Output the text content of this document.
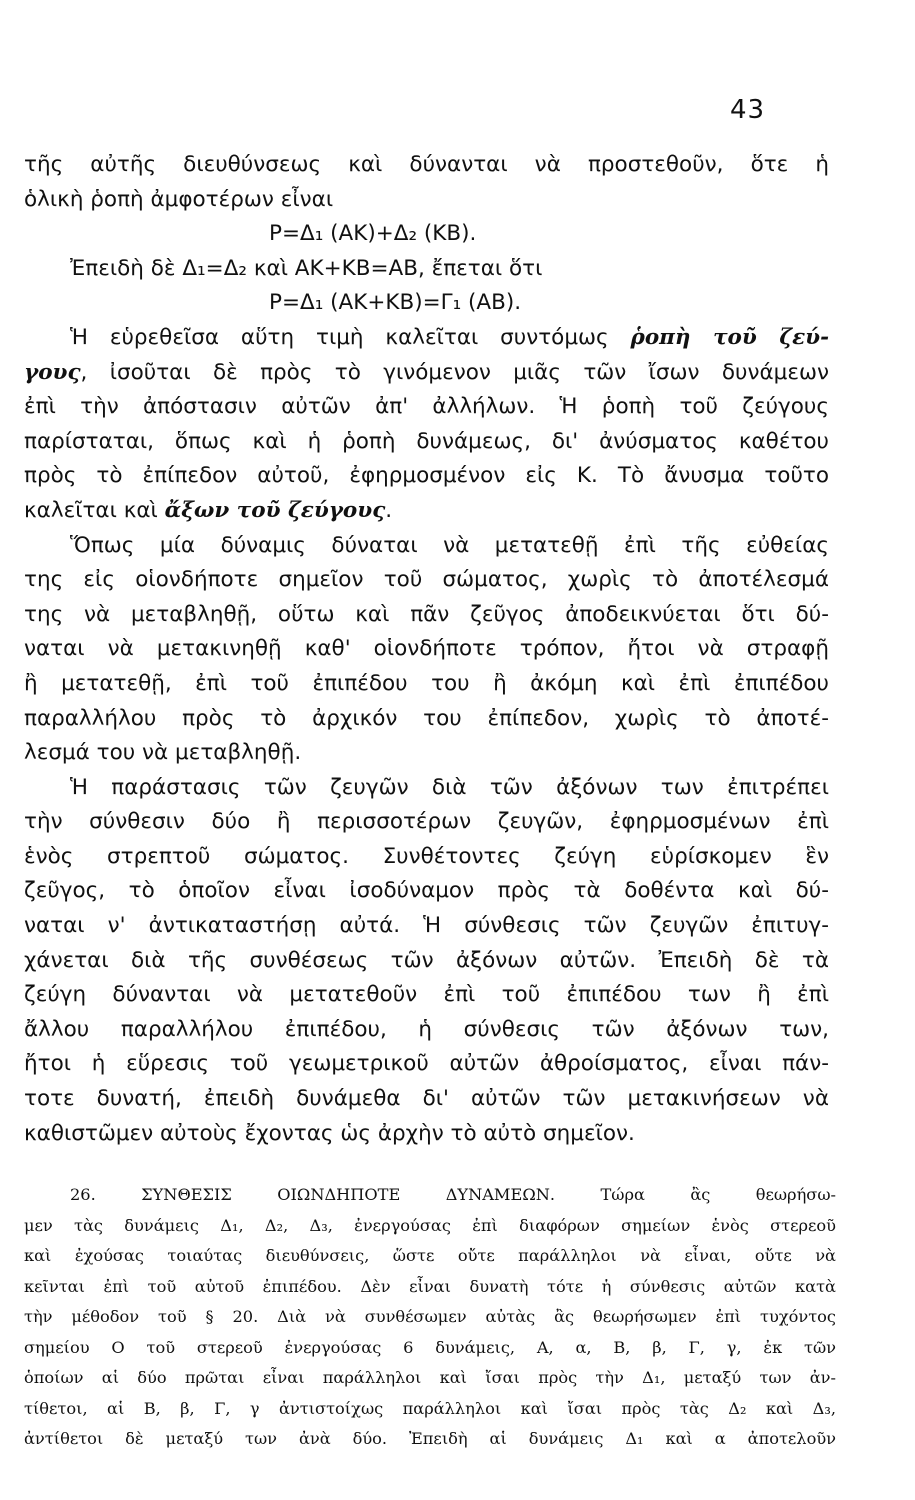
43
τῆς αὐτῆς διευθύνσεως καὶ δύνανται νὰ προστεθοῦν, ὅτε ἡ
ὁλικὴ ῥοπὴ ἀμφοτέρων εἶναι
P=Δ₁ (AK)+Δ₂ (KB).
Ἐπειδὴ δὲ Δ₁=Δ₂ καὶ AK+KB=AB, ἔπεται ὅτι
P=Δ₁ (AK+KB)=Γ₁ (AB).
Ἡ εὑρεθεῖσα αὕτη τιμὴ καλεῖται συντόμως ῥοπὴ τοῦ ζεύ-
γους, ἰσοῦται δὲ πρὸς τὸ γινόμενον μιᾶς τῶν ἴσων δυνάμεων
ἐπὶ τὴν ἀπόστασιν αὐτῶν ἀπ' ἀλλήλων. Ἡ ῥοπὴ τοῦ ζεύγους
παρίσταται, ὅπως καὶ ἡ ῥοπὴ δυνάμεως, δι' ἀνύσματος καθέτου
πρὸς τὸ ἐπίπεδον αὐτοῦ, ἐφηρμοσμένον εἰς K. Τὸ ἄνυσμα τοῦτο
καλεῖται καὶ ἄξων τοῦ ζεύγους.
Ὅπως μία δύναμις δύναται νὰ μετατεθῇ ἐπὶ τῆς εὐθείας
της εἰς οἱονδήποτε σημεῖον τοῦ σώματος, χωρὶς τὸ ἀποτέλεσμά
της νὰ μεταβληθῇ, οὕτω καὶ πᾶν ζεῦγος ἀποδεικνύεται ὅτι δύ-
ναται νὰ μετακινηθῇ καθ' οἱονδήποτε τρόπον, ἤτοι νὰ στραφῇ
ἢ μετατεθῇ, ἐπὶ τοῦ ἐπιπέδου του ἢ ἀκόμη καὶ ἐπὶ ἐπιπέδου
παραλλήλου πρὸς τὸ ἀρχικόν του ἐπίπεδον, χωρὶς τὸ ἀποτέ-
λεσμά του νὰ μεταβληθῇ.
Ἡ παράστασις τῶν ζευγῶν διὰ τῶν ἀξόνων των ἐπιτρέπει
τὴν σύνθεσιν δύο ἢ περισσοτέρων ζευγῶν, ἐφηρμοσμένων ἐπὶ
ἑνὸς στρεπτοῦ σώματος. Συνθέτοντες ζεύγη εὑρίσκομεν ἓν
ζεῦγος, τὸ ὁποῖον εἶναι ἰσοδύναμον πρὸς τὰ δοθέντα καὶ δύ-
ναται ν' ἀντικαταστήσῃ αὐτά. Ἡ σύνθεσις τῶν ζευγῶν ἐπιτυγ-
χάνεται διὰ τῆς συνθέσεως τῶν ἀξόνων αὐτῶν. Ἐπειδὴ δὲ τὰ
ζεύγη δύνανται νὰ μετατεθοῦν ἐπὶ τοῦ ἐπιπέδου των ἢ ἐπὶ
ἄλλου παραλλήλου ἐπιπέδου, ἡ σύνθεσις τῶν ἀξόνων των,
ἤτοι ἡ εὕρεσις τοῦ γεωμετρικοῦ αὐτῶν ἀθροίσματος, εἶναι πάν-
τοτε δυνατή, ἐπειδὴ δυνάμεθα δι' αὐτῶν τῶν μετακινήσεων νὰ
καθιστῶμεν αὐτοὺς ἔχοντας ὡς ἀρχὴν τὸ αὐτὸ σημεῖον.
26. ΣΥΝΘΕΣΙΣ ΟΙΩΝΔΗΠΟΤΕ ΔΥΝΑΜΕΩΝ. Τώρα ἂς θεωρήσω-
μεν τὰς δυνάμεις Δ₁, Δ₂, Δ₃, ἐνεργούσας ἐπὶ διαφόρων σημείων ἑνὸς στερεοῦ
καὶ ἐχούσας τοιαύτας διευθύνσεις, ὥστε οὔτε παράλληλοι νὰ εἶναι, οὔτε νὰ
κεῖνται ἐπὶ τοῦ αὐτοῦ ἐπιπέδου. Δὲν εἶναι δυνατὴ τότε ἡ σύνθεσις αὐτῶν κατὰ
τὴν μέθοδον τοῦ § 20. Διὰ νὰ συνθέσωμεν αὐτὰς ἂς θεωρήσωμεν ἐπὶ τυχόντος
σημείου O τοῦ στερεοῦ ἐνεργούσας 6 δυνάμεις, A, α, B, β, Γ, γ, ἐκ τῶν
ὁποίων αἱ δύο πρῶται εἶναι παράλληλοι καὶ ἴσαι πρὸς τὴν Δ₁, μεταξύ των ἀν-
τίθετοι, αἱ B, β, Γ, γ ἀντιστοίχως παράλληλοι καὶ ἴσαι πρὸς τὰς Δ₂ καὶ Δ₃,
ἀντίθετοι δὲ μεταξύ των ἀνὰ δύο. Ἐπειδὴ αἱ δυνάμεις Δ₁ καὶ α ἀποτελοῦν
